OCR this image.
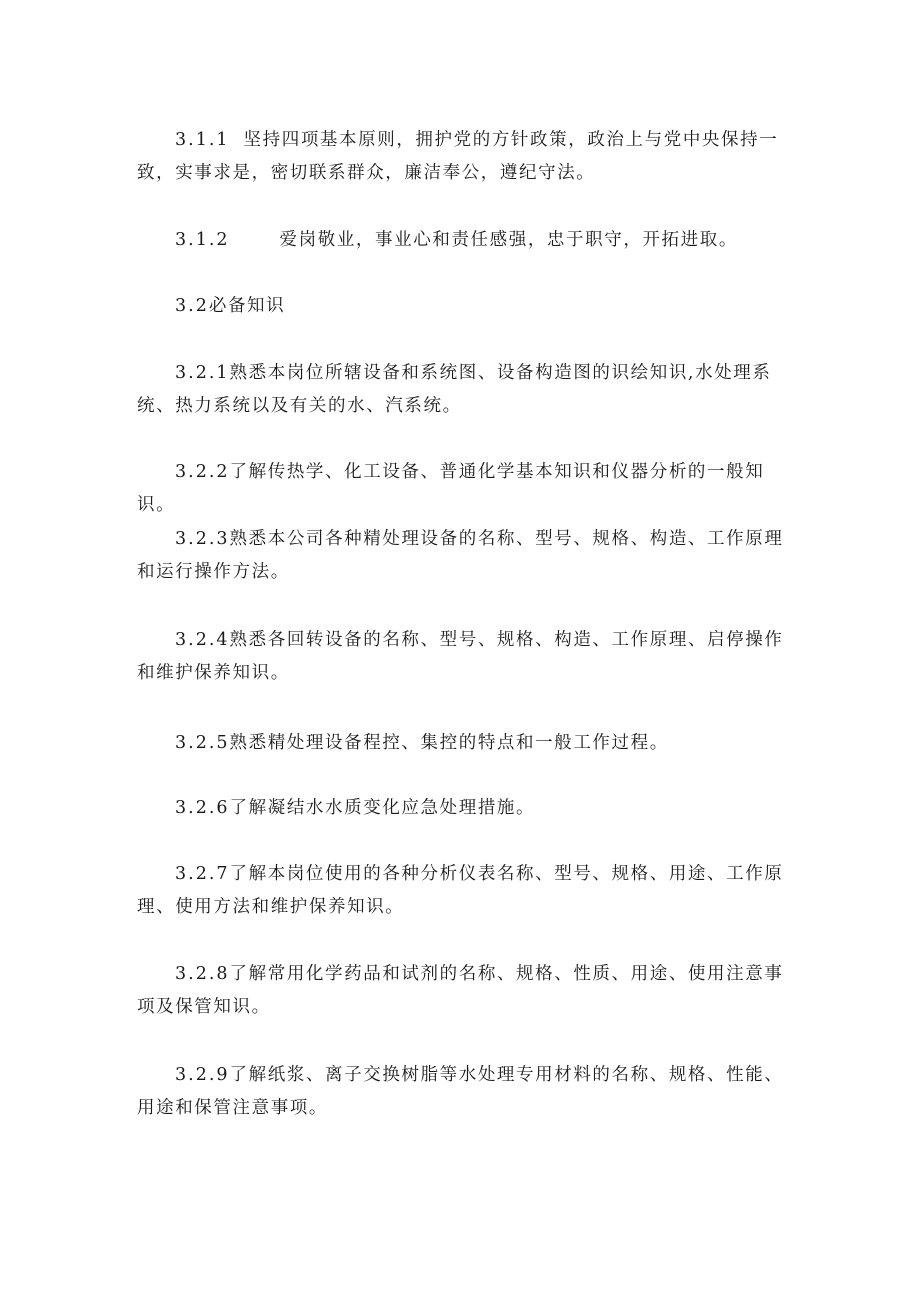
3.1.1 坚持四项基本原则，拥护党的方针政策，政治上与党中央保持一致，实事求是，密切联系群众，廉洁奉公，遵纪守法。

3.1.2	爱岗敬业，事业心和责任感强，忠于职守，开拓进取。

3.2必备知识

3.2.1熟悉本岗位所辖设备和系统图、设备构造图的识绘知识,水处理系统、热力系统以及有关的水、汽系统。

3.2.2了解传热学、化工设备、普通化学基本知识和仪器分析的一般知识。

3.2.3熟悉本公司各种精处理设备的名称、型号、规格、构造、工作原理和运行操作方法。

3.2.4熟悉各回转设备的名称、型号、规格、构造、工作原理、启停操作和维护保养知识。

3.2.5熟悉精处理设备程控、集控的特点和一般工作过程。

3.2.6了解凝结水水质变化应急处理措施。

3.2.7了解本岗位使用的各种分析仪表名称、型号、规格、用途、工作原理、使用方法和维护保养知识。

3.2.8了解常用化学药品和试剂的名称、规格、性质、用途、使用注意事项及保管知识。

3.2.9了解纸浆、离子交换树脂等水处理专用材料的名称、规格、性能、用途和保管注意事项。
